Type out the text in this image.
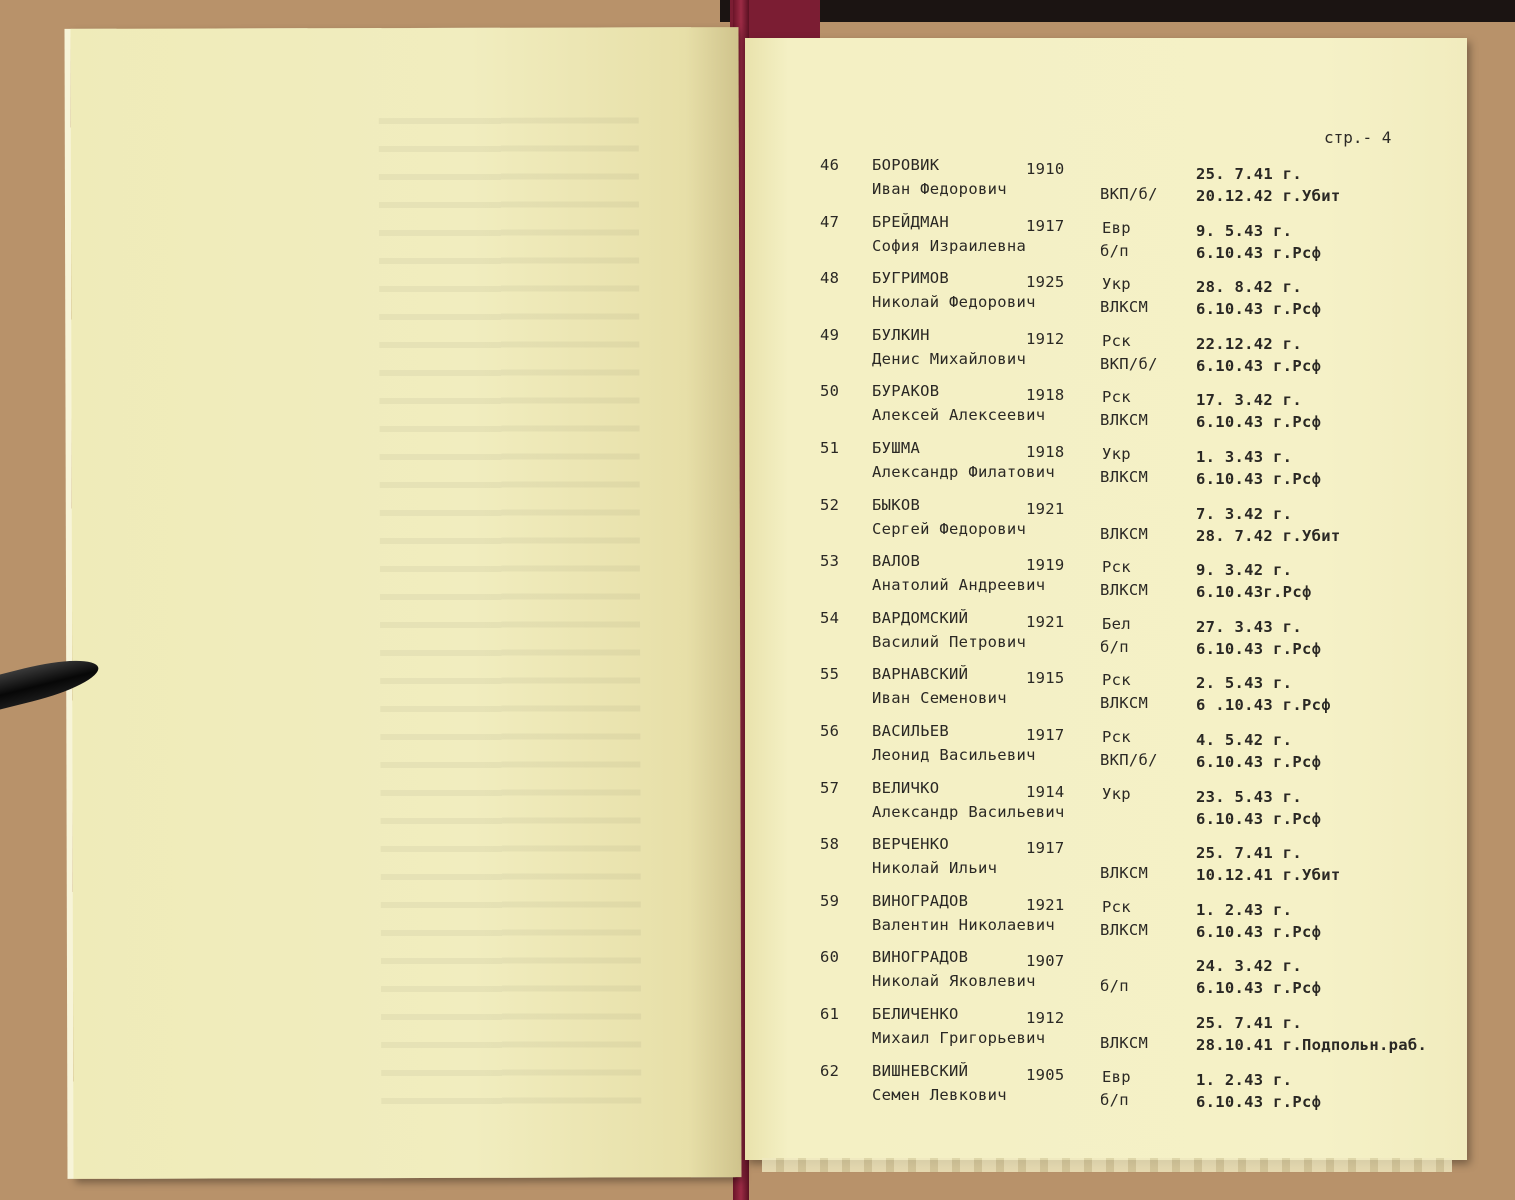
стр.- 4
46 БОРОВИК	1910
Иван Федорович	ВКП/б/
25. 7.41 г.
20.12.42 г.Убит
47 БРЕЙДМАН	1917 Евр
София Израилевна	б/п
9. 5.43 г.
6.10.43 г.Рсф
48 БУГРИМОВ	1925 Укр
Николай Федорович	ВЛКСМ
28. 8.42 г.
6.10.43 г.Рсф
49 БУЛКИН	1912 Рск
Денис Михайлович	ВКП/б/
22.12.42 г.
6.10.43 г.Рсф
50 БУРАКОВ	1918 Рск
Алексей Алексеевич	ВЛКСМ
17. 3.42 г.
6.10.43 г.Рсф
51 БУШМА	1918 Укр
Александр Филатович	ВЛКСМ
1. 3.43 г.
6.10.43 г.Рсф
52 БЫКОВ	1921
Сергей Федорович	ВЛКСМ
7. 3.42 г.
28. 7.42 г.Убит
53 ВАЛОВ	1919 Рск
Анатолий Андреевич	ВЛКСМ
9. 3.42 г.
6.10.43г.Рсф
54 ВАРДОМСКИЙ	1921 Бел
Василий Петрович	б/п
27. 3.43 г.
6.10.43 г.Рсф
55 ВАРНАВСКИЙ	1915 Рск
Иван Семенович	ВЛКСМ
2. 5.43 г.
6 .10.43 г.Рсф
56 ВАСИЛЬЕВ	1917 Рск
Леонид Васильевич	ВКП/б/
4. 5.42 г.
6.10.43 г.Рсф
57 ВЕЛИЧКО	1914 Укр
Александр Васильевич
23. 5.43 г.
6.10.43 г.Рсф
58 ВЕРЧЕНКО	1917
Николай Ильич	ВЛКСМ
25. 7.41 г.
10.12.41 г.Убит
59 ВИНОГРАДОВ	1921 Рск
Валентин Николаевич	ВЛКСМ
1. 2.43 г.
6.10.43 г.Рсф
60 ВИНОГРАДОВ	1907
Николай Яковлевич	б/п
24. 3.42 г.
6.10.43 г.Рсф
61 БЕЛИЧЕНКО	1912
Михаил Григорьевич	ВЛКСМ
25. 7.41 г.
28.10.41 г.Подпольн.раб.
62 ВИШНЕВСКИЙ	1905 Евр
Семен Левкович	б/п
1. 2.43 г.
6.10.43 г.Рсф
